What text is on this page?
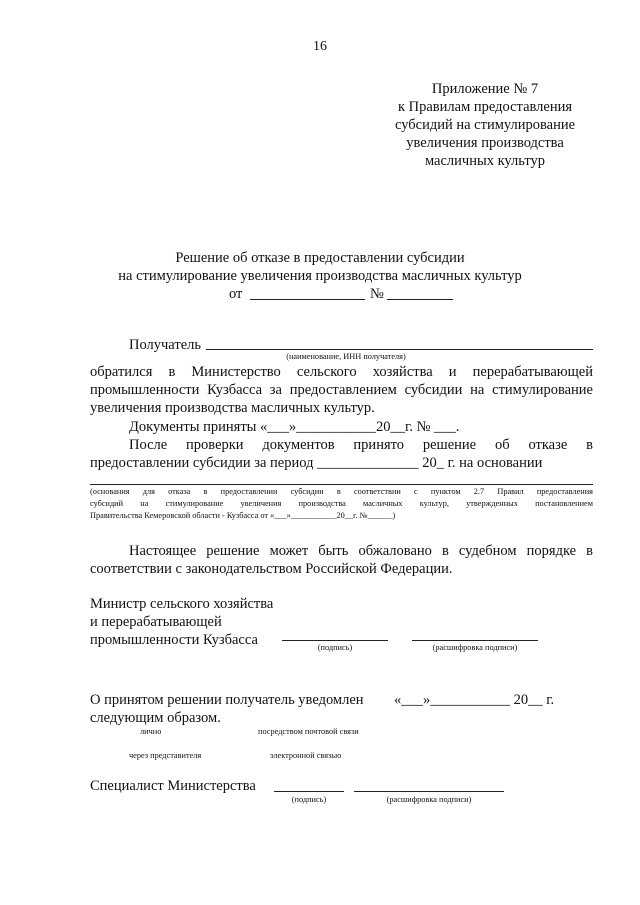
16
Приложение № 7
к Правилам предоставления
субсидий на стимулирование
увеличения производства
масличных культур
Решение об отказе в предоставлении субсидии
на стимулирование увеличения производства масличных культур
от	№
Получатель
(наименование, ИНН получателя)
обратился в Министерство сельского хозяйства и перерабатывающей
промышленности Кузбасса за предоставлением субсидии на стимулирование
увеличения производства масличных культур.
Документы приняты «___»___________20__г. № ___.
После проверки документов принято решение об отказе в
предоставлении субсидии за период ______________ 20_ г. на основании
(основания для отказа в предоставлении субсидии в соответствии с пунктом 2.7 Правил предоставления
субсидий на стимулирование увеличения производства масличных культур, утвержденных постановлением
Правительства Кемеровской области - Кузбасса от «___»___________20__г. №______)
Настоящее решение может быть обжаловано в судебном порядке в
соответствии с законодательством Российской Федерации.
Министр сельского хозяйства
и перерабатывающей
промышленности Кузбасса	(подпись)	(расшифровка подписи)
О принятом решении получатель уведомлен «___»___________ 20__ г.
следующим образом.
лично	посредством почтовой связи
через представителя	электронной связью
Специалист Министерства
(подпись)	(расшифровка подписи)
